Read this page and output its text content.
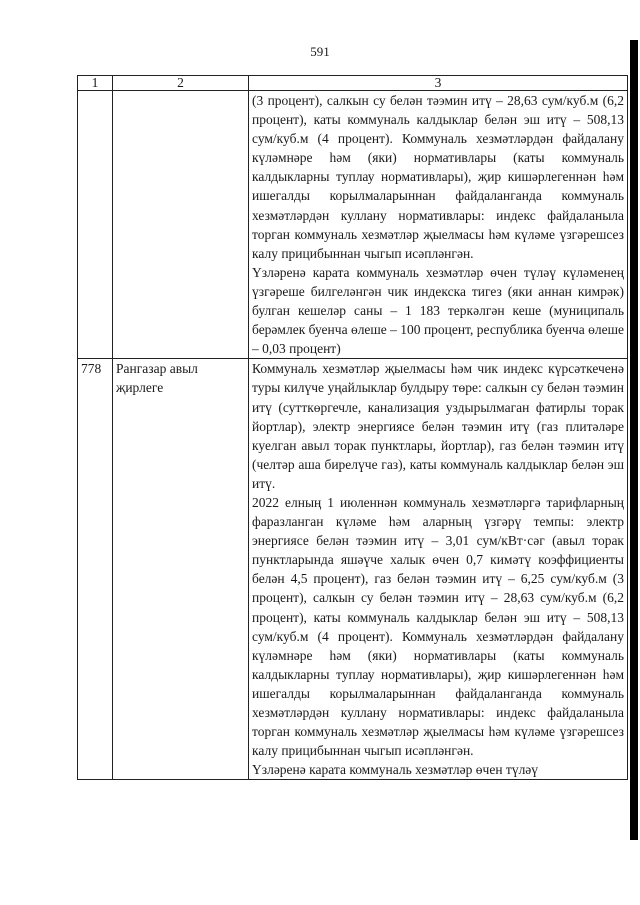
591
1	2	3

		(3 процент), салкын су белән тәэмин итү – 28,63 сум/куб.м (6,2 процент), каты коммуналь калдыклар белән эш итү – 508,13 сум/куб.м (4 процент). Коммуналь хезмәтләрдән файдалану күләмнәре һәм (яки) нормативлары (каты коммуналь калдыкларны туплау нормативлары), җир кишәрлегеннән һәм ишегалды корылмаларыннан файдаланганда коммуналь хезмәтләрдән куллану нормативлары: индекс файдаланыла торган коммуналь хезмәтләр җыелмасы һәм күләме үзгәрешсез калу прицибыннан чыгып исәпләнгән.

Үзләренә карата коммуналь хезмәтләр өчен түләү күләменең үзгәреше билгеләнгән чик индекска тигез (яки аннан кимрәк) булган кешеләр саны – 1 183 теркәлгән кеше (муниципаль берәмлек буенча өлеше – 100 процент, республика буенча өлеше – 0,03 процент)

778	Рангазар авыл җирлеге	Коммуналь хезмәтләр җыелмасы һәм чик индекс күрсәткеченә туры килүче уңайлыклар булдыру төре: салкын су белән тәэмин итү (сутткөргечле, канализация уздырылмаган фатирлы торак йортлар), электр энергиясе белән тәэмин итү (газ плитәләре куелган авыл торак пунктлары, йортлар), газ белән тәэмин итү (челтәр аша бирелүче газ), каты коммуналь калдыклар белән эш итү.

2022 елның 1 июленнән коммуналь хезмәтләргә тарифларның фаразланган күләме һәм аларның үзгәрү темпы: электр энергиясе белән тәэмин итү – 3,01 сум/кВт·сәг (авыл торак пунктларында яшәүче халык өчен 0,7 кимәтү коэффициенты белән 4,5 процент), газ белән тәэмин итү – 6,25 сум/куб.м (3 процент), салкын су белән тәэмин итү – 28,63 сум/куб.м (6,2 процент), каты коммуналь калдыклар белән эш итү – 508,13 сум/куб.м (4 процент). Коммуналь хезмәтләрдән файдалану күләмнәре һәм (яки) нормативлары (каты коммуналь калдыкларны туплау нормативлары), җир кишәрлегеннән һәм ишегалды корылмаларыннан файдаланганда коммуналь хезмәтләрдән куллану нормативлары: индекс файдаланыла торган коммуналь хезмәтләр җыелмасы һәм күләме үзгәрешсез калу прицибыннан чыгып исәпләнгән.

Үзләренә карата коммуналь хезмәтләр өчен түләү
